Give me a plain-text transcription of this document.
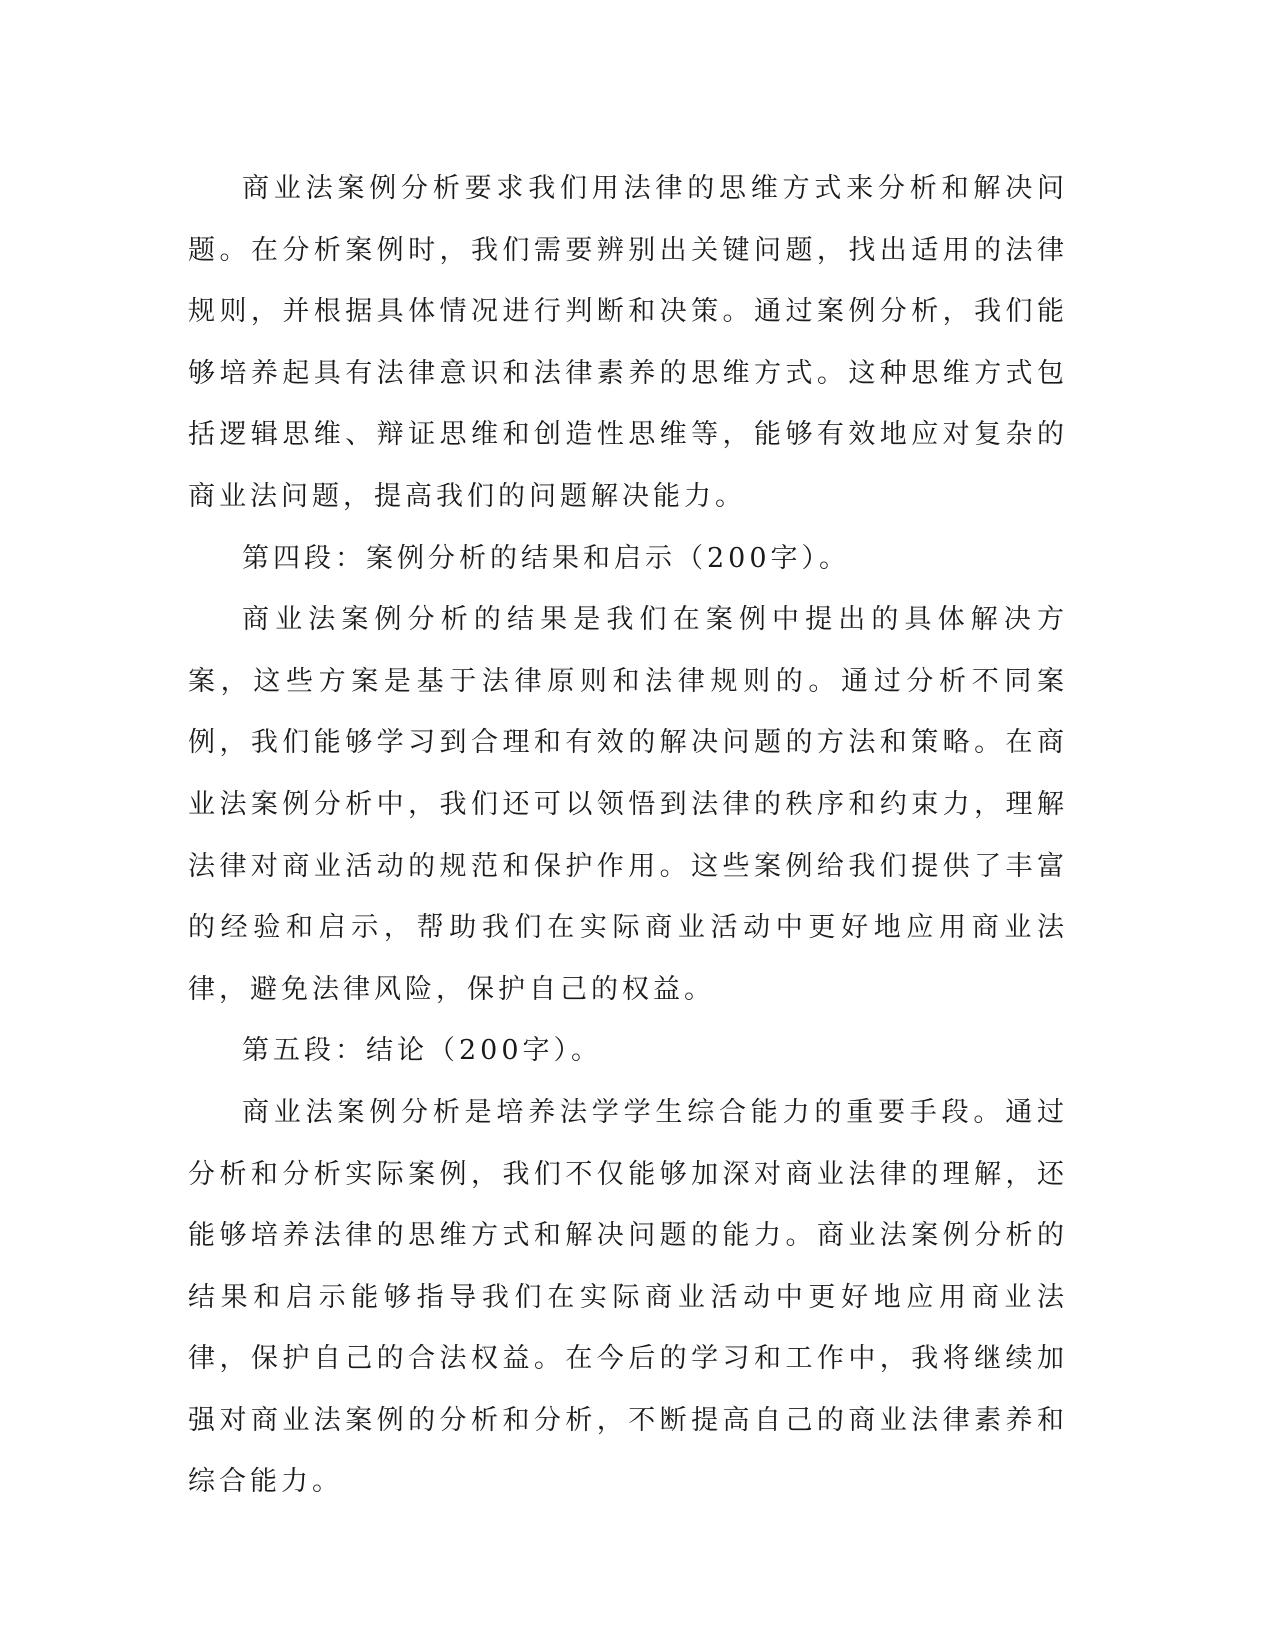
商业法案例分析要求我们用法律的思维方式来分析和解决问题。在分析案例时，我们需要辨别出关键问题，找出适用的法律规则，并根据具体情况进行判断和决策。通过案例分析，我们能够培养起具有法律意识和法律素养的思维方式。这种思维方式包括逻辑思维、辩证思维和创造性思维等，能够有效地应对复杂的商业法问题，提高我们的问题解决能力。

第四段：案例分析的结果和启示（200字）。

商业法案例分析的结果是我们在案例中提出的具体解决方案，这些方案是基于法律原则和法律规则的。通过分析不同案例，我们能够学习到合理和有效的解决问题的方法和策略。在商业法案例分析中，我们还可以领悟到法律的秩序和约束力，理解法律对商业活动的规范和保护作用。这些案例给我们提供了丰富的经验和启示，帮助我们在实际商业活动中更好地应用商业法律，避免法律风险，保护自己的权益。

第五段：结论（200字）。

商业法案例分析是培养法学学生综合能力的重要手段。通过分析和分析实际案例，我们不仅能够加深对商业法律的理解，还能够培养法律的思维方式和解决问题的能力。商业法案例分析的结果和启示能够指导我们在实际商业活动中更好地应用商业法律，保护自己的合法权益。在今后的学习和工作中，我将继续加强对商业法案例的分析和分析，不断提高自己的商业法律素养和综合能力。
